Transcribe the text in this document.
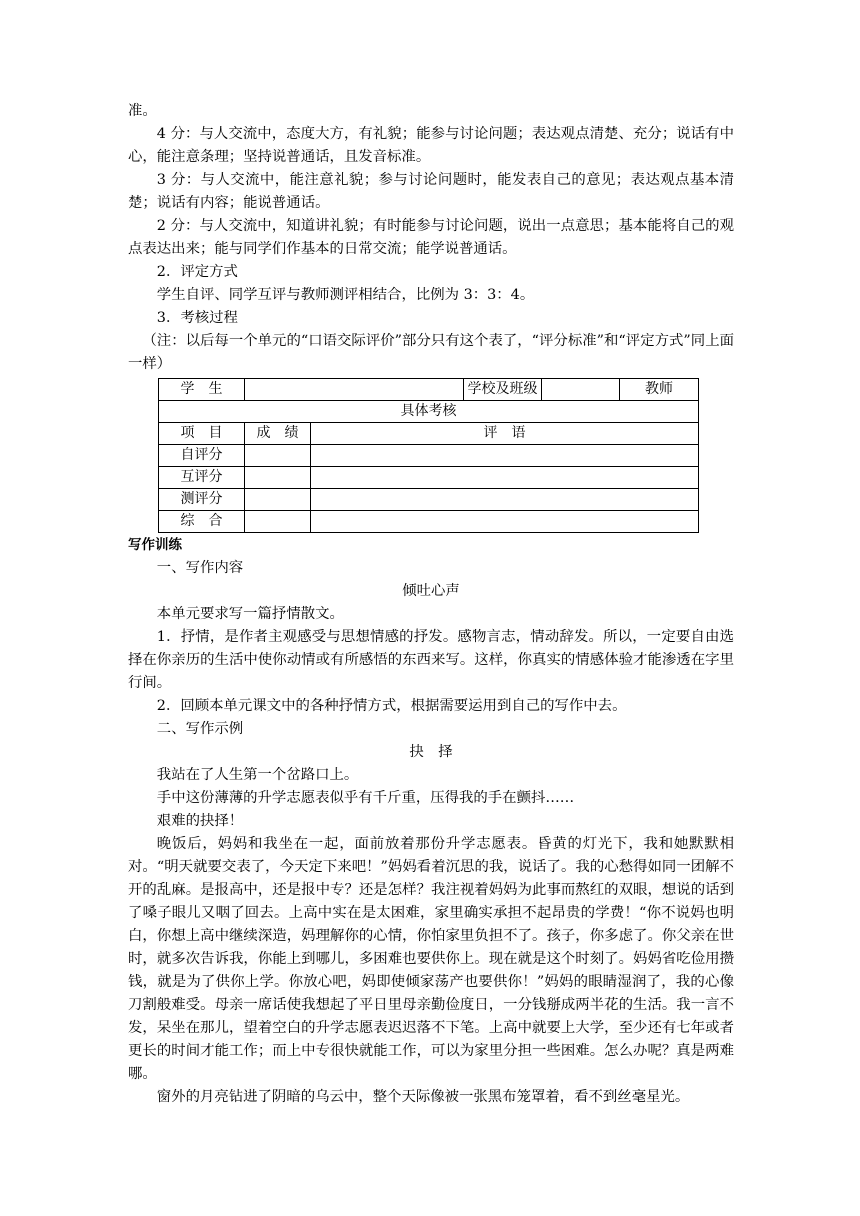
准。

4 分：与人交流中，态度大方，有礼貌；能参与讨论问题；表达观点清楚、充分；说话有中心，能注意条理；坚持说普通话，且发音标准。

3 分：与人交流中，能注意礼貌；参与讨论问题时，能发表自己的意见；表达观点基本清楚；说话有内容；能说普通话。

2 分：与人交流中，知道讲礼貌；有时能参与讨论问题，说出一点意思；基本能将自己的观点表达出来；能与同学们作基本的日常交流；能学说普通话。

2．评定方式

学生自评、同学互评与教师测评相结合，比例为 3：3：4。

3．考核过程

（注：以后每一个单元的“口语交际评价”部分只有这个表了，“评分标准”和“评定方式”同上面一样）

学　生			学校及班级		教师
具体考核					
项　目	成　绩	评　语			
自评分					
互评分					
测评分					
综　合					

写作训练

一、写作内容

倾吐心声

本单元要求写一篇抒情散文。

1．抒情，是作者主观感受与思想情感的抒发。感物言志，情动辞发。所以，一定要自由选择在你亲历的生活中使你动情或有所感悟的东西来写。这样，你真实的情感体验才能渗透在字里行间。

2．回顾本单元课文中的各种抒情方式，根据需要运用到自己的写作中去。

二、写作示例

抉　择

我站在了人生第一个岔路口上。

手中这份薄薄的升学志愿表似乎有千斤重，压得我的手在颤抖……

艰难的抉择！

晚饭后，妈妈和我坐在一起，面前放着那份升学志愿表。昏黄的灯光下，我和她默默相对。“明天就要交表了，今天定下来吧！”妈妈看着沉思的我，说话了。我的心愁得如同一团解不开的乱麻。是报高中，还是报中专？还是怎样？我注视着妈妈为此事而熬红的双眼，想说的话到了嗓子眼儿又咽了回去。上高中实在是太困难，家里确实承担不起昂贵的学费！“你不说妈也明白，你想上高中继续深造，妈理解你的心情，你怕家里负担不了。孩子，你多虑了。你父亲在世时，就多次告诉我，你能上到哪儿，多困难也要供你上。现在就是这个时刻了。妈妈省吃俭用攒钱，就是为了供你上学。你放心吧，妈即使倾家荡产也要供你！”妈妈的眼睛湿润了，我的心像刀割般难受。母亲一席话使我想起了平日里母亲勤俭度日，一分钱掰成两半花的生活。我一言不发，呆坐在那儿，望着空白的升学志愿表迟迟落不下笔。上高中就要上大学，至少还有七年或者更长的时间才能工作；而上中专很快就能工作，可以为家里分担一些困难。怎么办呢？真是两难哪。

窗外的月亮钻进了阴暗的乌云中，整个天际像被一张黑布笼罩着，看不到丝毫星光。
